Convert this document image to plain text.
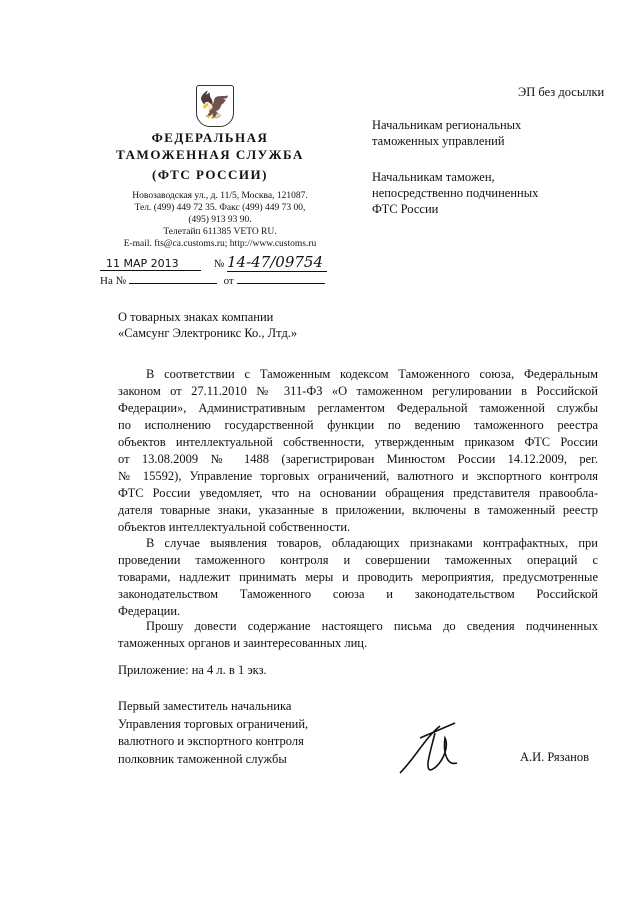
🦅
ФЕДЕРАЛЬНАЯ
ТАМОЖЕННАЯ СЛУЖБА
(ФТС РОССИИ)
Новозаводская ул., д. 11/5, Москва, 121087.
Тел. (499) 449 72 35. Факс (499) 449 73 00,
(495) 913 93 90.
Телетайп 611385 VETO RU.
E-mail. fts@ca.customs.ru; http://www.customs.ru
11 МАР 2013	№ 14-47/09754
На №	от
ЭП без досылки
Начальникам региональных
таможенных управлений
Начальникам таможен,
непосредственно подчиненных
ФТС России
О товарных знаках компании
«Самсунг Электроникс Ко., Лтд.»
В соответствии с Таможенным кодексом Таможенного союза, Федеральным
законом от 27.11.2010 № 311-ФЗ «О таможенном регулировании в Российской
Федерации», Административным регламентом Федеральной таможенной службы
по исполнению государственной функции по ведению таможенного реестра
объектов интеллектуальной собственности, утвержденным приказом ФТС России
от 13.08.2009 № 1488 (зарегистрирован Минюстом России 14.12.2009, рег.
№ 15592), Управление торговых ограничений, валютного и экспортного контроля
ФТС России уведомляет, что на основании обращения представителя правообла-
дателя товарные знаки, указанные в приложении, включены в таможенный реестр
объектов интеллектуальной собственности.
В случае выявления товаров, обладающих признаками контрафактных, при
проведении таможенного контроля и совершении таможенных операций с
товарами, надлежит принимать меры и проводить мероприятия, предусмотренные
законодательством Таможенного союза и законодательством Российской
Федерации.
Прошу довести содержание настоящего письма до сведения подчиненных
таможенных органов и заинтересованных лиц.
Приложение: на 4 л. в 1 экз.
Первый заместитель начальника
Управления торговых ограничений,
валютного и экспортного контроля
полковник таможенной службы	А.И. Рязанов
